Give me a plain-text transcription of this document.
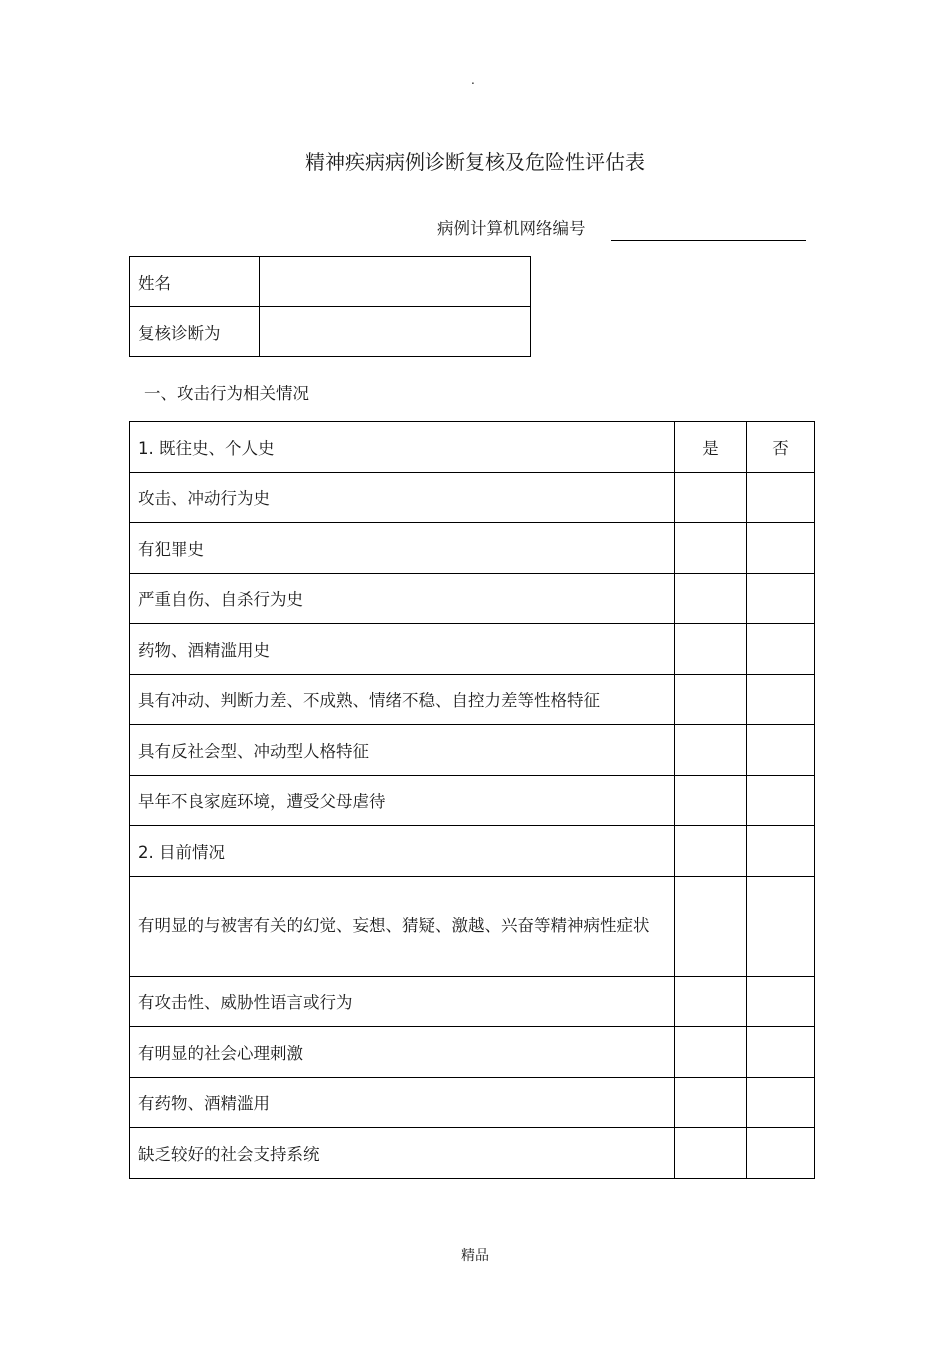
.
精神疾病病例诊断复核及危险性评估表
病例计算机网络编号
姓名	
复核诊断为	
一、攻击行为相关情况
1. 既往史、个人史	是	否
攻击、冲动行为史		
有犯罪史		
严重自伤、自杀行为史		
药物、酒精滥用史		
具有冲动、判断力差、不成熟、情绪不稳、自控力差等性格特征		
具有反社会型、冲动型人格特征		
早年不良家庭环境，遭受父母虐待		
2. 目前情况		
有明显的与被害有关的幻觉、妄想、猜疑、激越、兴奋等精神病性症状		
有攻击性、威胁性语言或行为		
有明显的社会心理刺激		
有药物、酒精滥用		
缺乏较好的社会支持系统		
精品
